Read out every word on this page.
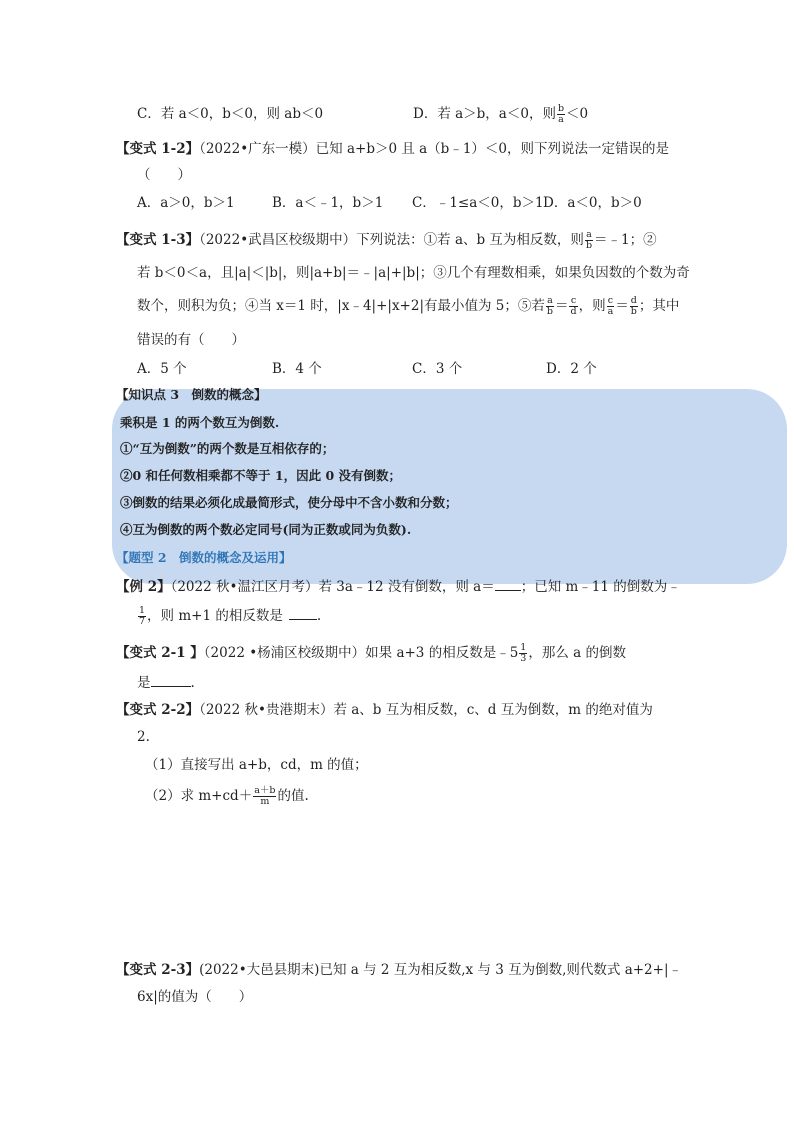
C．若 a＜0，b＜0，则 ab＜0	D．若 a＞b，a＜0，则 $\frac{b}{a} <0$
【变式 1-2】（2022•广东一模）已知 a+b＞0 且 a（b﹣1）＜0，则下列说法一定错误的是
（　　）
A．a＞0，b＞1	B．a＜﹣1，b＞1 C．﹣1≤a＜0，b＞1 D．a＜0，b＞0
【变式 1-3】（2022•武昌区校级期中）下列说法：①若 a、b 互为相反数，则 $\frac{a}{b}$ ＝﹣1；②
若 b＜0＜a，且|a|＜|b|，则|a+b|＝﹣|a|+|b|；③几个有理数相乘，如果负因数的个数为奇
数个，则积为负；④当 x＝1 时，|x﹣4|+|x+2|有最小值为 5；⑤若 $\frac{a}{b} = \frac{c}{d}$ ，则 $\frac{c}{a} = \frac{d}{b}$ ；其中
错误的有（　　）
A．5 个	B．4 个	C．3 个	D．2 个
【知识点 3　倒数的概念】
乘积是 1 的两个数互为倒数.
①“互为倒数”的两个数是互相依存的；
②0 和任何数相乘都不等于 1，因此 0 没有倒数；
③倒数的结果必须化成最简形式，使分母中不含小数和分数；
④互为倒数的两个数必定同号(同为正数或同为负数).
【题型 2　倒数的概念及运用】
【例 2】（2022 秋•温江区月考）若 3a﹣12 没有倒数，则 a＝ ；已知 m﹣11 的倒数为﹣
$\frac{1}{7}$ ，则 m+1 的相反数是	.
【变式 2-1 】（2022 •杨浦区校级期中）如果 a+3 的相反数是﹣5 $\frac{1}{3}$ ，那么 a 的倒数
是	.
【变式 2-2】（2022 秋•贵港期末）若 a、b 互为相反数，c、d 互为倒数，m 的绝对值为
2.
（1）直接写出 a+b，cd，m 的值；
（2）求 $m+cd+ \frac{a+b}{m}$ 的值.
【变式 2-3】(2022•大邑县期末)已知 a 与 2 互为相反数,x 与 3 互为倒数,则代数式 a+2+|﹣
6x|的值为（　　）
